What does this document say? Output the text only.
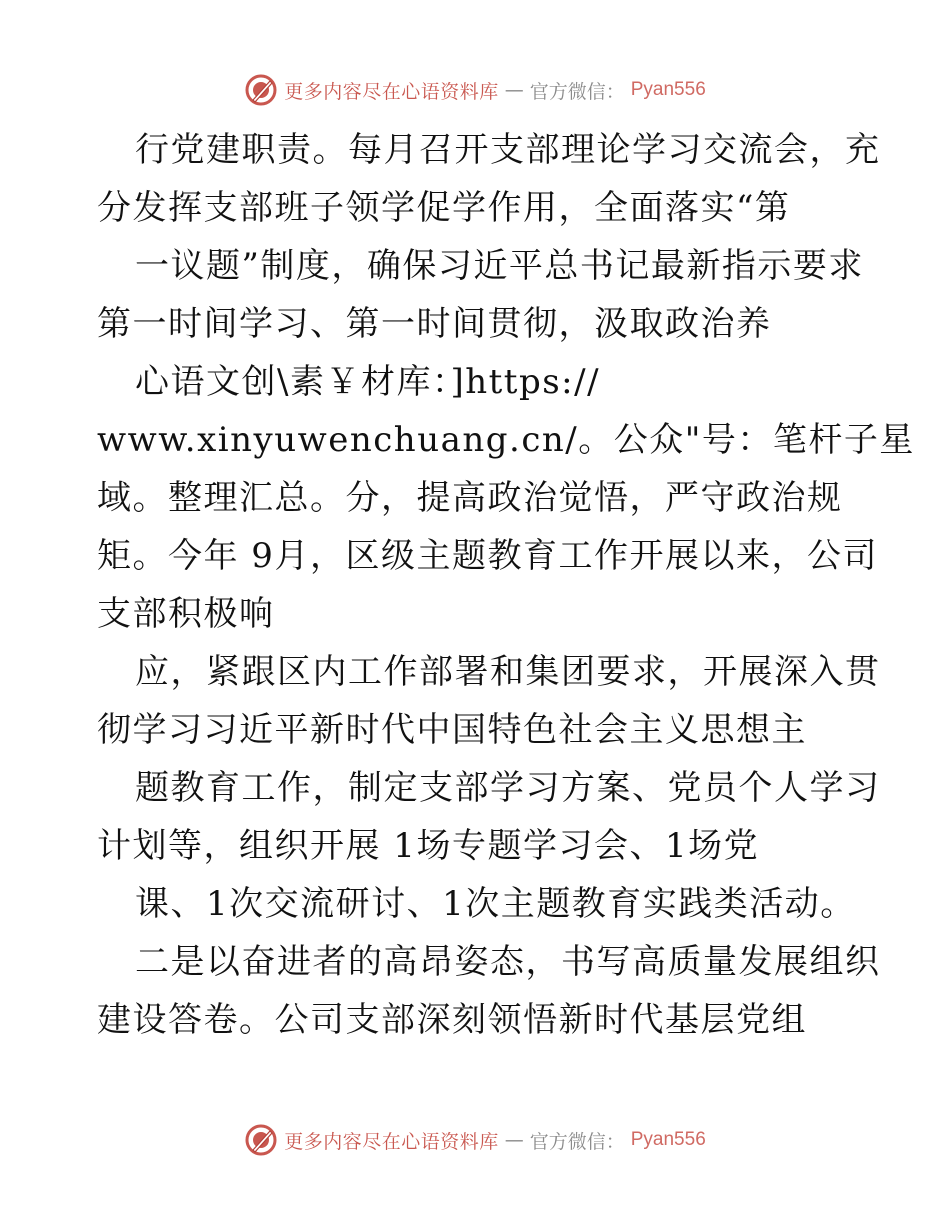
更多内容尽在心语资料库 — 官方微信： Pyan556
行党建职责。每月召开支部理论学习交流会，充
分发挥支部班子领学促学作用，全面落实“第
一议题”制度，确保习近平总书记最新指示要求
第一时间学习、第一时间贯彻，汲取政治养
心语文创\素￥材库：]https://
www.xinyuwenchuang.cn/。公众"号：笔杆子星
域。整理汇总。分，提高政治觉悟，严守政治规
矩。今年 9月，区级主题教育工作开展以来，公司
支部积极响
应，紧跟区内工作部署和集团要求，开展深入贯
彻学习习近平新时代中国特色社会主义思想主
题教育工作，制定支部学习方案、党员个人学习
计划等，组织开展 1场专题学习会、1场党
课、1次交流研讨、1次主题教育实践类活动。
二是以奋进者的高昂姿态，书写高质量发展组织
建设答卷。公司支部深刻领悟新时代基层党组
更多内容尽在心语资料库 — 官方微信： Pyan556
